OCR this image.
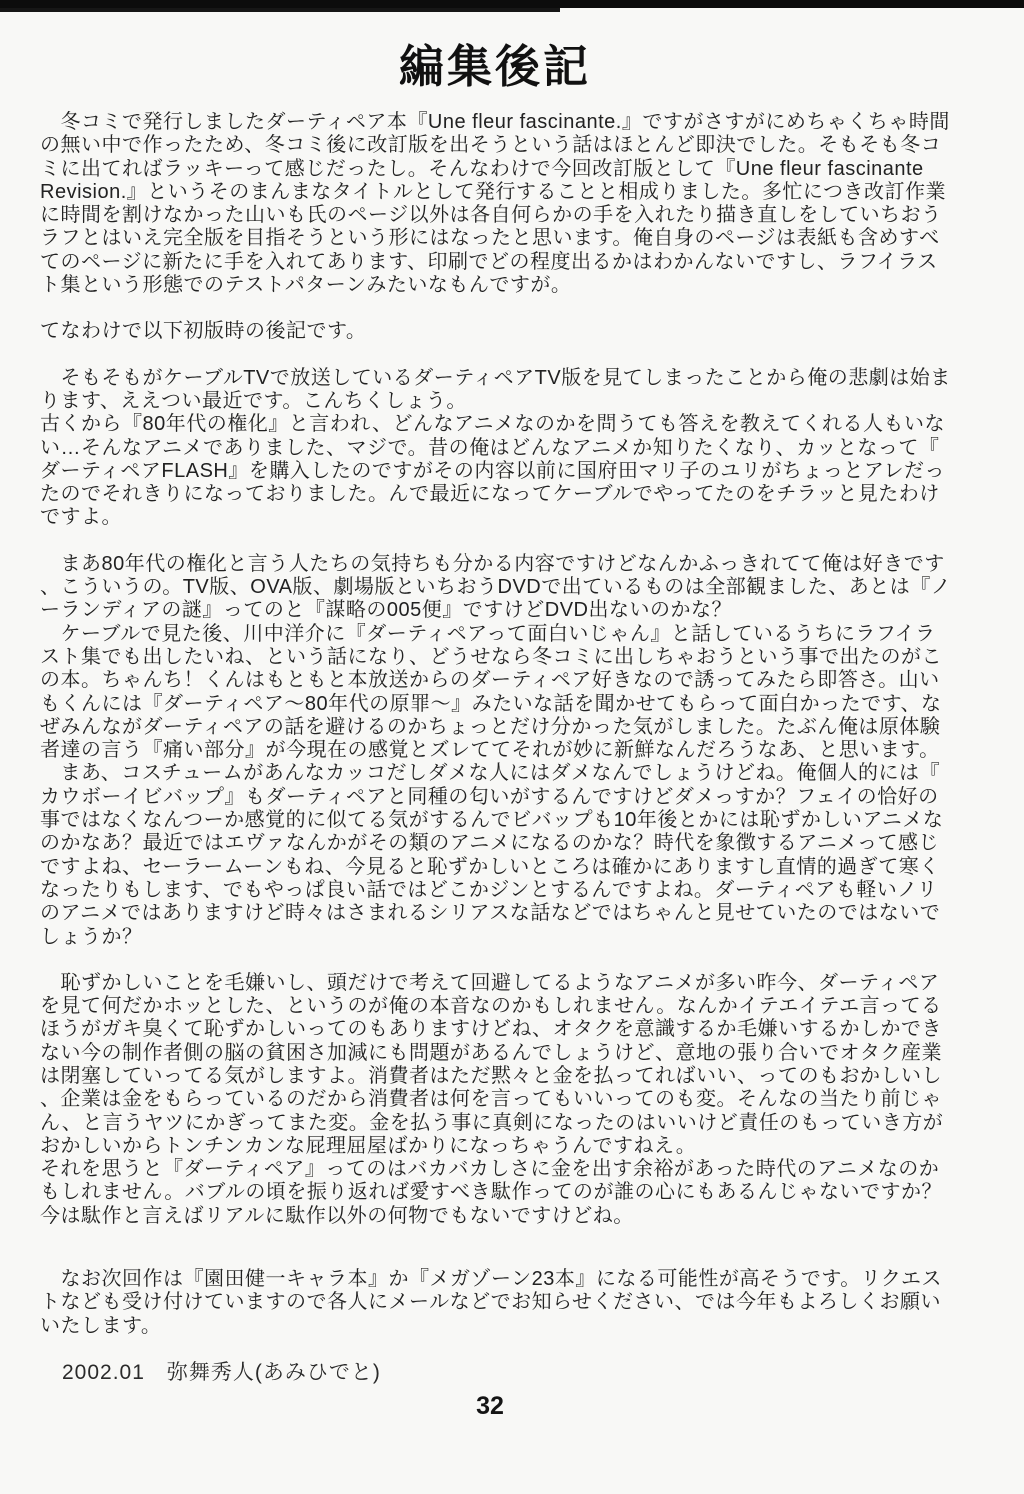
編集後記
　冬コミで発行しましたダーティペア本『Une fleur fascinante.』ですがさすがにめちゃくちゃ時間
の無い中で作ったため、冬コミ後に改訂版を出そうという話はほとんど即決でした。そもそも冬コ
ミに出てればラッキーって感じだったし。そんなわけで今回改訂版として『Une fleur fascinante
Revision.』というそのまんまなタイトルとして発行することと相成りました。多忙につき改訂作業
に時間を割けなかった山いも氏のページ以外は各自何らかの手を入れたり描き直しをしていちおう
ラフとはいえ完全版を目指そうという形にはなったと思います。俺自身のページは表紙も含めすべ
てのページに新たに手を入れてあります、印刷でどの程度出るかはわかんないですし、ラフイラス
ト集という形態でのテストパターンみたいなもんですが。
てなわけで以下初版時の後記です。
　そもそもがケーブルTVで放送しているダーティペアTV版を見てしまったことから俺の悲劇は始ま
ります、ええつい最近です。こんちくしょう。
古くから『80年代の権化』と言われ、どんなアニメなのかを問うても答えを教えてくれる人もいな
い…そんなアニメでありました、マジで。昔の俺はどんなアニメか知りたくなり、カッとなって『
ダーティペアFLASH』を購入したのですがその内容以前に国府田マリ子のユリがちょっとアレだっ
たのでそれきりになっておりました。んで最近になってケーブルでやってたのをチラッと見たわけ
ですよ。
　まあ80年代の権化と言う人たちの気持ちも分かる内容ですけどなんかふっきれてて俺は好きです
、こういうの。TV版、OVA版、劇場版といちおうDVDで出ているものは全部観ました、あとは『ノ
ーランディアの謎』ってのと『謀略の005便』ですけどDVD出ないのかな？
　ケーブルで見た後、川中洋介に『ダーティペアって面白いじゃん』と話しているうちにラフイラ
スト集でも出したいね、という話になり、どうせなら冬コミに出しちゃおうという事で出たのがこ
の本。ちゃんち！くんはもともと本放送からのダーティペア好きなので誘ってみたら即答さ。山い
もくんには『ダーティペア～80年代の原罪～』みたいな話を聞かせてもらって面白かったです、な
ぜみんながダーティペアの話を避けるのかちょっとだけ分かった気がしました。たぶん俺は原体験
者達の言う『痛い部分』が今現在の感覚とズレててそれが妙に新鮮なんだろうなあ、と思います。
　まあ、コスチュームがあんなカッコだしダメな人にはダメなんでしょうけどね。俺個人的には『
カウボーイビバップ』もダーティペアと同種の匂いがするんですけどダメっすか？フェイの恰好の
事ではなくなんつーか感覚的に似てる気がするんでビバップも10年後とかには恥ずかしいアニメな
のかなあ？最近ではエヴァなんかがその類のアニメになるのかな？時代を象徴するアニメって感じ
ですよね、セーラームーンもね、今見ると恥ずかしいところは確かにありますし直情的過ぎて寒く
なったりもします、でもやっぱ良い話ではどこかジンとするんですよね。ダーティペアも軽いノリ
のアニメではありますけど時々はさまれるシリアスな話などではちゃんと見せていたのではないで
しょうか？
　恥ずかしいことを毛嫌いし、頭だけで考えて回避してるようなアニメが多い昨今、ダーティペア
を見て何だかホッとした、というのが俺の本音なのかもしれません。なんかイテエイテエ言ってる
ほうがガキ臭くて恥ずかしいってのもありますけどね、オタクを意識するか毛嫌いするかしかでき
ない今の制作者側の脳の貧困さ加減にも問題があるんでしょうけど、意地の張り合いでオタク産業
は閉塞していってる気がしますよ。消費者はただ黙々と金を払ってればいい、ってのもおかしいし
、企業は金をもらっているのだから消費者は何を言ってもいいってのも変。そんなの当たり前じゃ
ん、と言うヤツにかぎってまた変。金を払う事に真剣になったのはいいけど責任のもっていき方が
おかしいからトンチンカンな屁理屈屋ばかりになっちゃうんですねえ。
それを思うと『ダーティペア』ってのはバカバカしさに金を出す余裕があった時代のアニメなのか
もしれません。バブルの頃を振り返れば愛すべき駄作ってのが誰の心にもあるんじゃないですか？
今は駄作と言えばリアルに駄作以外の何物でもないですけどね。
　なお次回作は『園田健一キャラ本』か『メガゾーン23本』になる可能性が高そうです。リクエス
トなども受け付けていますので各人にメールなどでお知らせください、では今年もよろしくお願い
いたします。
2002.01　弥舞秀人(あみひでと)
32
